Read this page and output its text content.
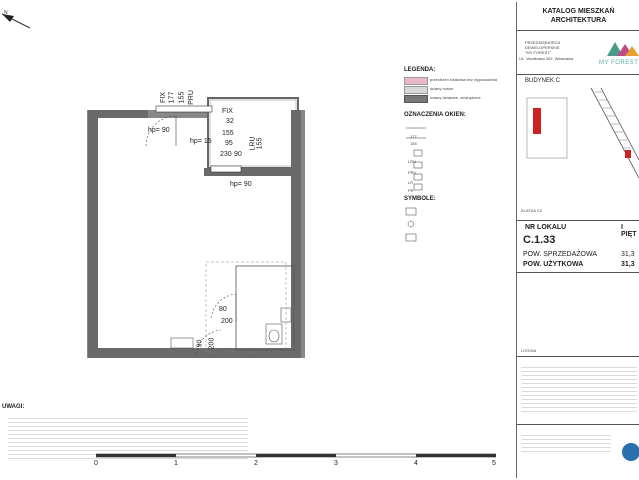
N
FIX 177 155 PRU
FIX
32
hp= 90
hp= 15
155
95
230 90
LRU 155
hp= 90
80
200
90 200
LEGENDA:
przestrzeń lokalowa bez wyposażenia
ściany nośne
ściany działowe, zewnętrzne
OZNACZENIA OKIEN:
177
155
LRU
PRU
LR
PR
SYMBOLE:
UWAGI:
0	1	2	3	4	5
KATALOG MIESZKAŃ
ARCHITEKTURA
PRZEDSIĘBIORCA
DEWELOPERSKIE
"MY FOREST"
UL. Wodlinska 342, Warszawa
MY FOREST
BUDYNEK C
KLATKA C2
NR LOKALU	I PIĘT
C.1.33
POW. SPRZEDAŻOWA	31,3
POW. UŻYTKOWA	31,3
LOGGIA
